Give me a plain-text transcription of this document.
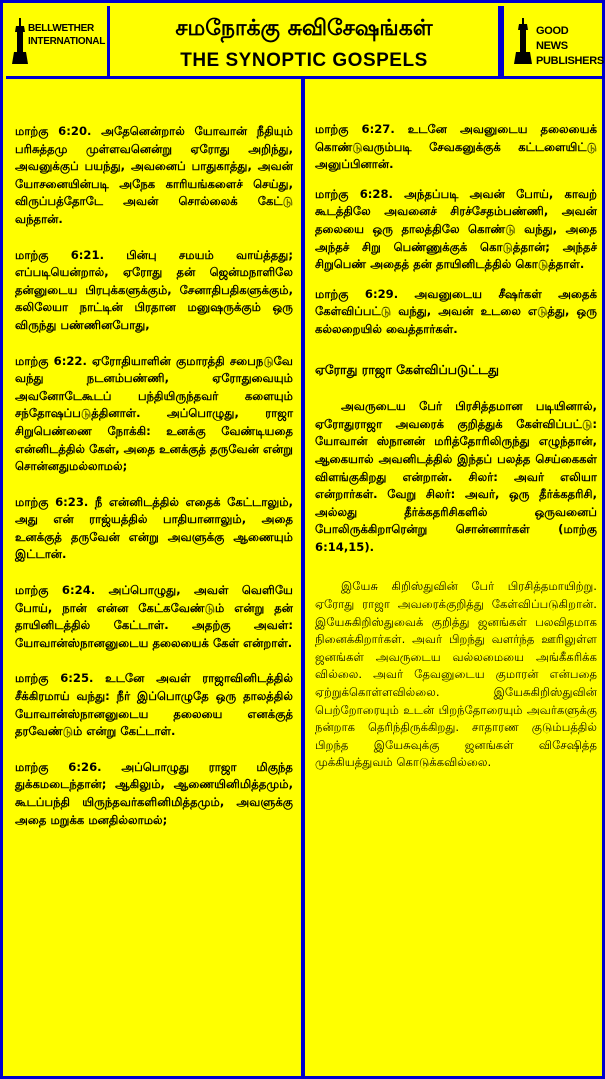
BELLWETHER INTERNATIONAL
சமநோக்கு சுவிசேஷங்கள்
THE SYNOPTIC GOSPELS
GOOD NEWS PUBLISHERS

மாற்கு 6:20. அதேனென்றால் யோவான் நீதியும் பரிசுத்தமு முள்ளவனென்று ஏரோது அறிந்து, அவனுக்குப் பயந்து, அவனைப் பாதுகாத்து, அவன் யோசனையின்படி அநேக காரியங்களைச் செய்து, விருப்பத்தோடே அவன் சொல்லைக் கேட்டு வந்தான்.

மாற்கு 6:21. பின்பு சமயம் வாய்த்தது; எப்படியென்றால், ஏரோது தன் ஜென்மநாளிலே தன்னுடைய பிரபுக்களுக்கும், சேனாதிபதிகளுக்கும், கலிலேயா நாட்டின் பிரதான மனுஷருக்கும் ஒரு விருந்து பண்ணினபோது,

மாற்கு 6:22. ஏரோதியாளின் குமாரத்தி சபைநடுவே வந்து நடனம்பண்ணி, ஏரோதுவையும் அவனோடேகூடப் பந்தியிருந்தவர் களையும் சந்தோஷப்படுத்தினாள். அப்பொழுது, ராஜா சிறுபெண்ணை நோக்கி: உனக்கு வேண்டியதை என்னிடத்தில் கேள், அதை உனக்குத் தருவேன் என்று சொன்னதுமல்லாமல்;

மாற்கு 6:23. நீ என்னிடத்தில் எதைக் கேட்டாலும், அது என் ராஜ்யத்தில் பாதியானாலும், அதை உனக்குத் தருவேன் என்று அவளுக்கு ஆணையும் இட்டான்.

மாற்கு 6:24. அப்பொழுது, அவள் வெளியே போய், நான் என்ன கேட்கவேண்டும் என்று தன் தாயினிடத்தில் கேட்டாள். அதற்கு அவள்: யோவான்ஸ்நானனுடைய தலையைக் கேள் என்றாள்.

மாற்கு 6:25. உடனே அவள் ராஜாவினிடத்தில் சீக்கிரமாய் வந்து: நீர் இப்பொழுதே ஒரு தாலத்தில் யோவான்ஸ்நானனுடைய தலையை எனக்குத் தரவேண்டும் என்று கேட்டாள்.

மாற்கு 6:26. அப்பொழுது ராஜா மிகுந்த துக்கமடைந்தான்; ஆகிலும், ஆணையினிமித்தமும், கூடப்பந்தி யிருந்தவர்களினிமித்தமும், அவளுக்கு அதை மறுக்க மனதில்லாமல்;

மாற்கு 6:27. உடனே அவனுடைய தலையைக் கொண்டுவரும்படி சேவகனுக்குக் கட்டளையிட்டு அனுப்பினான்.

மாற்கு 6:28. அந்தப்படி அவன் போய், காவற் கூடத்திலே அவனைச் சிரச்சேதம்பண்ணி, அவன் தலையை ஒரு தாலத்திலே கொண்டு வந்து, அதை அந்தச் சிறு பெண்ணுக்குக் கொடுத்தான்; அந்தச் சிறுபெண் அதைத் தன் தாயினிடத்தில் கொடுத்தாள்.

மாற்கு 6:29. அவனுடைய சீஷர்கள் அதைக் கேள்விப்பட்டு வந்து, அவன் உடலை எடுத்து, ஒரு கல்லறையில் வைத்தார்கள்.

ஏரோது ராஜா கேள்விப்படுட்டது

அவருடைய பேர் பிரசித்தமான படியினால், ஏரோதுராஜா அவரைக் குறித்துக் கேள்விப்பட்டு: யோவான் ஸ்நானன் மரித்தோரிலிருந்து எழுந்தான், ஆகையால் அவனிடத்தில் இந்தப் பலத்த செய்கைகள் விளங்குகிறது என்றான். சிலர்: அவர் எலியா என்றார்கள். வேறு சிலர்: அவர், ஒரு தீர்க்கதரிசி, அல்லது தீர்க்கதரிசிகளில் ஒருவனைப் போலிருக்கிறாரென்று சொன்னார்கள் (மாற்கு 6:14,15).

இயேசு கிறிஸ்துவின் பேர் பிரசித்தமாயிற்று. ஏரோது ராஜா அவரைக்குறித்து கேள்விப்படுகிறான். இயேசுகிறிஸ்துவைக் குறித்து ஜனங்கள் பலவிதமாக நினைக்கிறார்கள். அவர் பிறந்து வளர்ந்த ஊரிலுள்ள ஜனங்கள் அவருடைய வல்லமையை அங்கீகரிக்க வில்லை. அவர் தேவனுடைய குமாரன் என்பதை ஏற்றுக்கொள்ளவில்லை. இயேசுகிறிஸ்துவின் பெற்றோரையும் உடன் பிறந்தோரையும் அவர்களுக்கு நன்றாக தெரிந்திருக்கிறது. சாதாரண குடும்பத்தில் பிறந்த இயேசுவுக்கு ஜனங்கள் விசேஷித்த முக்கியத்துவம் கொடுக்கவில்லை.
